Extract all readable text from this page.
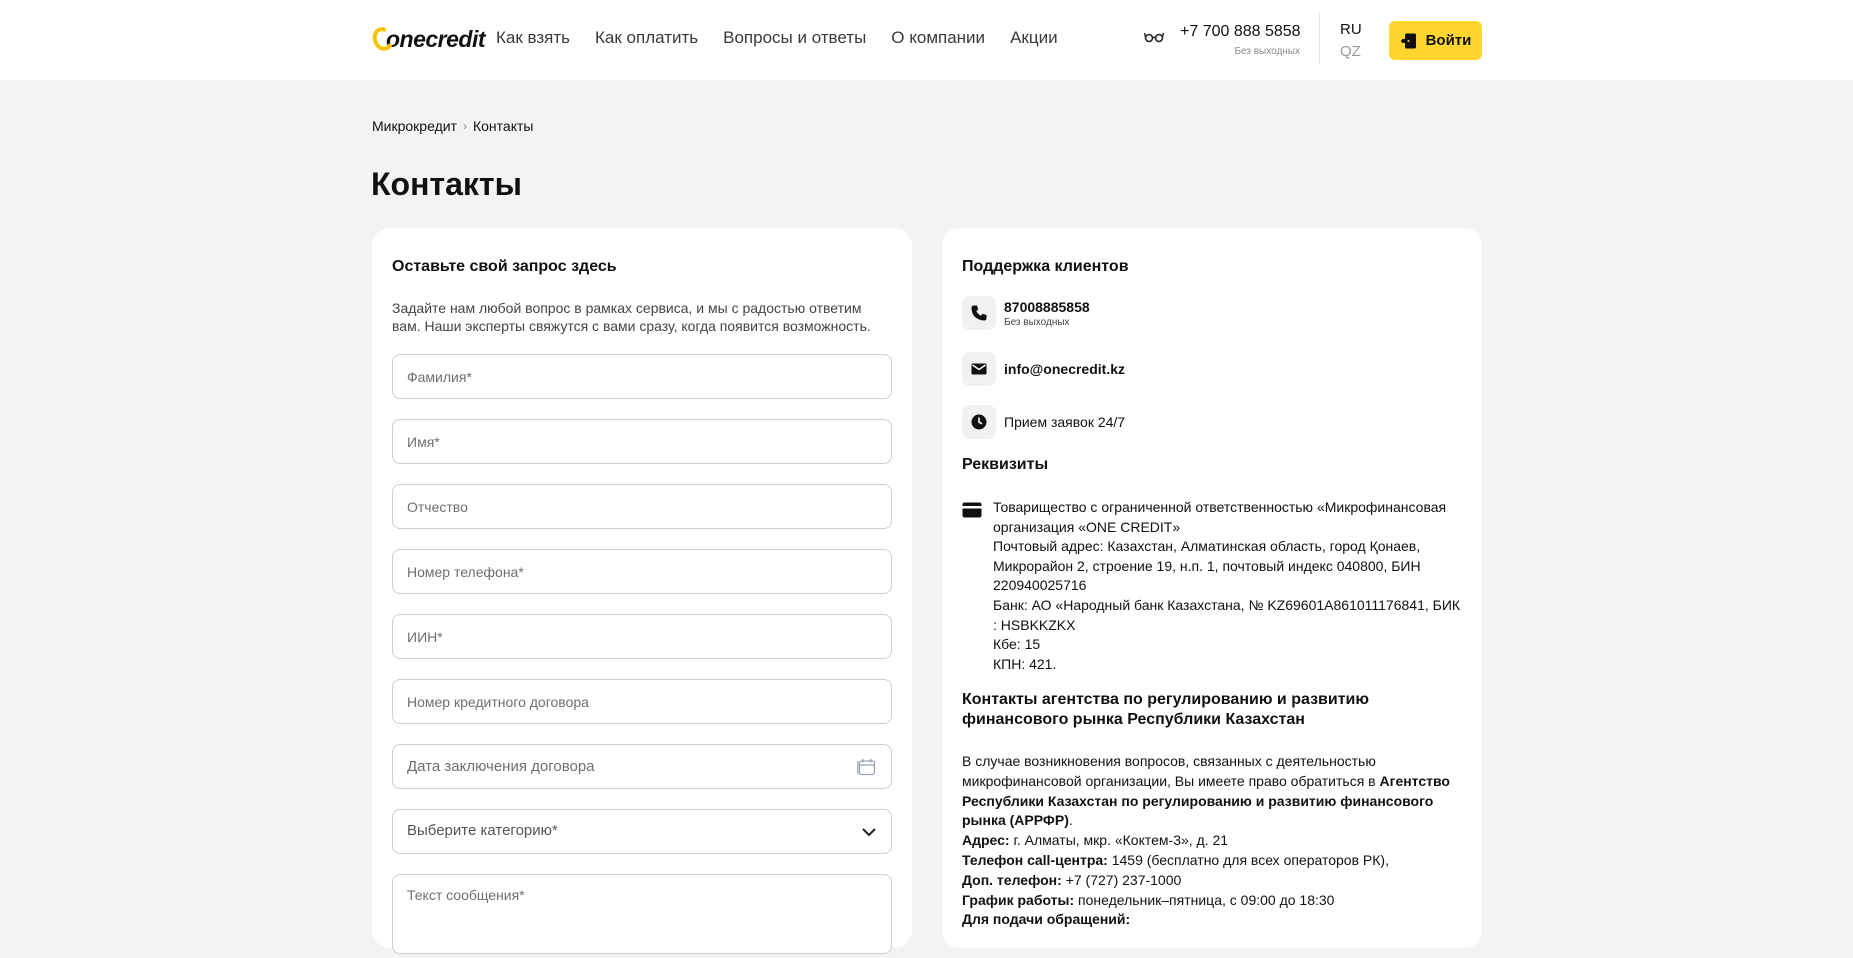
onecredit Как взять Как оплатить Вопросы и ответы О компании Акции	+7 700 888 5858
Без выходных
RU
QZ
Войти
Микрокредит › Контакты
Контакты
Оставьте свой запрос здесь
Задайте нам любой вопрос в рамках сервиса, и мы с радостью ответим вам. Наши эксперты свяжутся с вами сразу, когда появится возможность.
Фамилия*
Имя*
Отчество
Номер телефона*
ИИН*
Номер кредитного договора
Дата заключения договора
Выберите категорию*
Текст сообщения*
Поддержка клиентов
87008885858
Без выходных
info@onecredit.kz
Прием заявок 24/7
Реквизиты
Товарищество с ограниченной ответственностью «Микрофинансовая организация «ONE CREDIT»
Почтовый адрес: Казахстан, Алматинская область, город Қонаев, Микрорайон 2, строение 19, н.п. 1, почтовый индекс 040800, БИН 220940025716
Банк: АО «Народный банк Казахстана, № KZ69601A861011176841, БИК : HSBKKZKX
Кбе: 15
КПН: 421.
Контакты агентства по регулированию и развитию финансового рынка Республики Казахстан
В случае возникновения вопросов, связанных с деятельностью микрофинансовой организации, Вы имеете право обратиться в Агентство Республики Казахстан по регулированию и развитию финансового рынка (АРРФР).
Адрес: г. Алматы, мкр. «Коктем-3», д. 21
Телефон call-центра: 1459 (бесплатно для всех операторов РК),
Доп. телефон: +7 (727) 237-1000
График работы: понедельник–пятница, с 09:00 до 18:30
Для подачи обращений:
